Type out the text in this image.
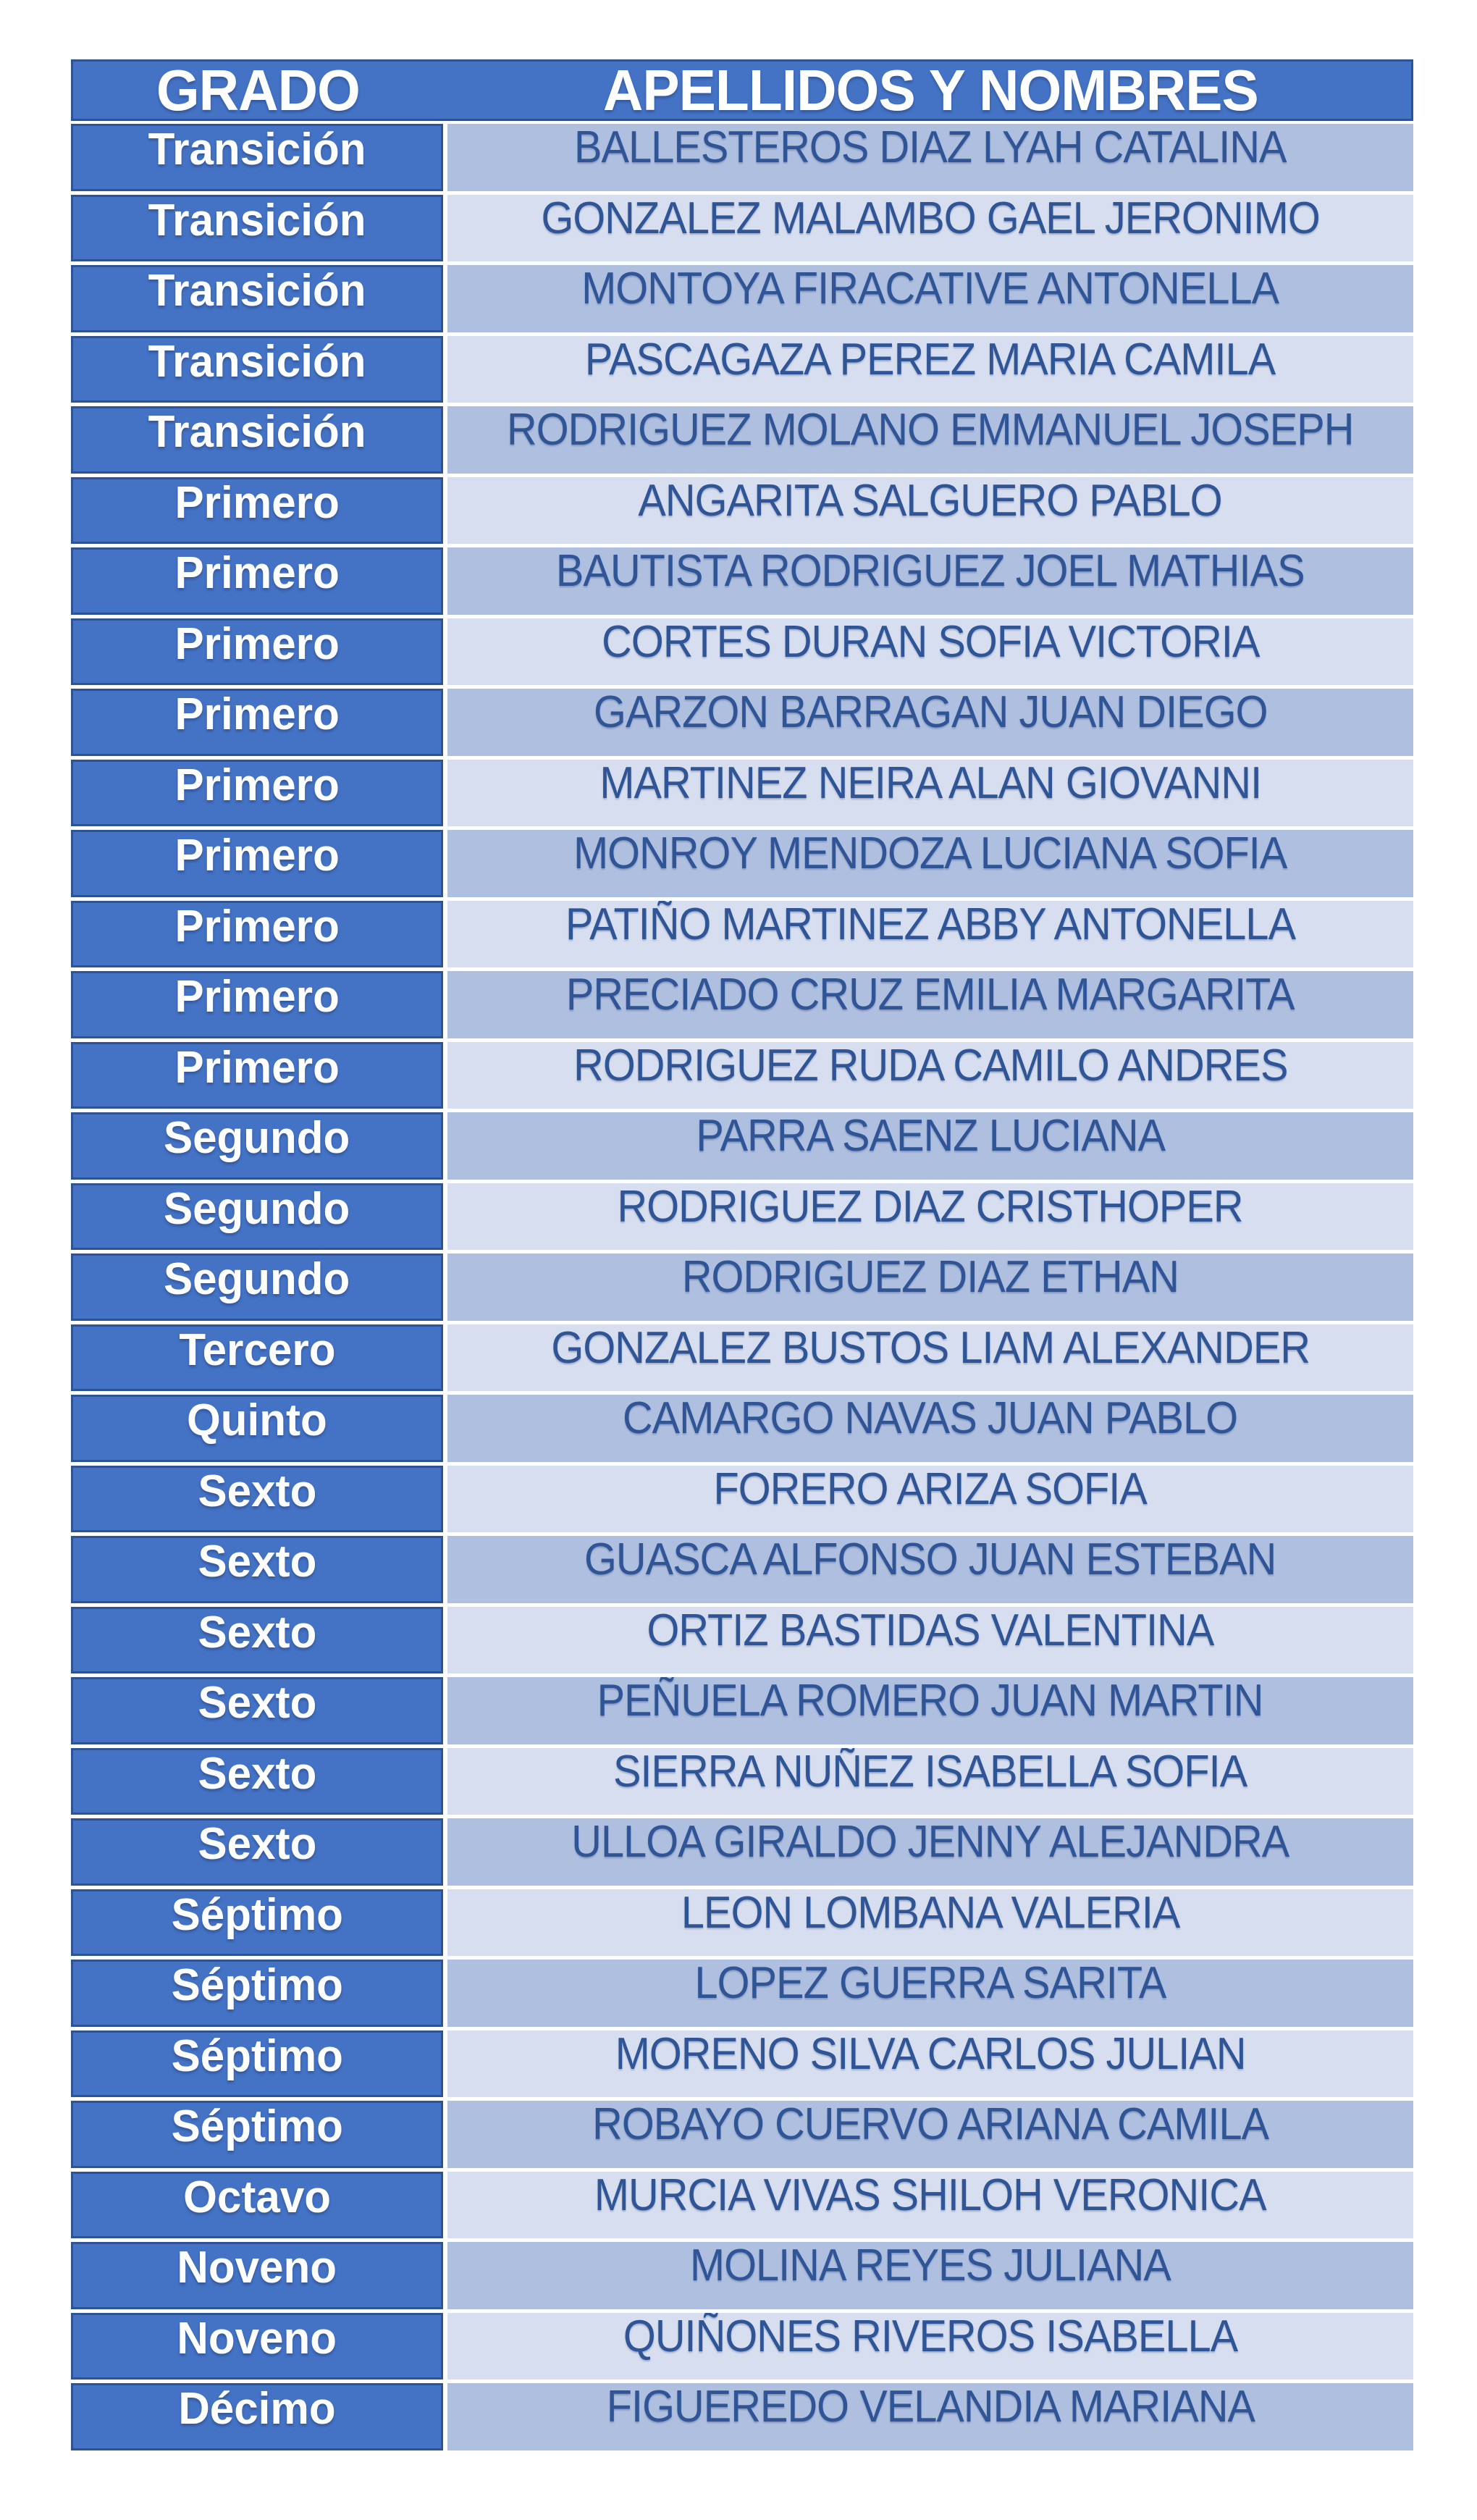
GRADO	APELLIDOS Y NOMBRES
Transición	BALLESTEROS DIAZ LYAH CATALINA
Transición	GONZALEZ MALAMBO GAEL JERONIMO
Transición	MONTOYA FIRACATIVE ANTONELLA
Transición	PASCAGAZA PEREZ MARIA CAMILA
Transición	RODRIGUEZ MOLANO EMMANUEL JOSEPH
Primero	ANGARITA SALGUERO PABLO
Primero	BAUTISTA RODRIGUEZ JOEL MATHIAS
Primero	CORTES DURAN SOFIA VICTORIA
Primero	GARZON BARRAGAN JUAN DIEGO
Primero	MARTINEZ NEIRA ALAN GIOVANNI
Primero	MONROY MENDOZA LUCIANA SOFIA
Primero	PATIÑO MARTINEZ ABBY ANTONELLA
Primero	PRECIADO CRUZ EMILIA MARGARITA
Primero	RODRIGUEZ RUDA CAMILO ANDRES
Segundo	PARRA SAENZ LUCIANA
Segundo	RODRIGUEZ DIAZ CRISTHOPER
Segundo	RODRIGUEZ DIAZ ETHAN
Tercero	GONZALEZ BUSTOS LIAM ALEXANDER
Quinto	CAMARGO NAVAS JUAN PABLO
Sexto	FORERO ARIZA SOFIA
Sexto	GUASCA ALFONSO JUAN ESTEBAN
Sexto	ORTIZ BASTIDAS VALENTINA
Sexto	PEÑUELA ROMERO JUAN MARTIN
Sexto	SIERRA NUÑEZ ISABELLA SOFIA
Sexto	ULLOA GIRALDO JENNY ALEJANDRA
Séptimo	LEON LOMBANA VALERIA
Séptimo	LOPEZ GUERRA SARITA
Séptimo	MORENO SILVA CARLOS JULIAN
Séptimo	ROBAYO CUERVO ARIANA CAMILA
Octavo	MURCIA VIVAS SHILOH VERONICA
Noveno	MOLINA REYES JULIANA
Noveno	QUIÑONES RIVEROS ISABELLA
Décimo	FIGUEREDO VELANDIA MARIANA
